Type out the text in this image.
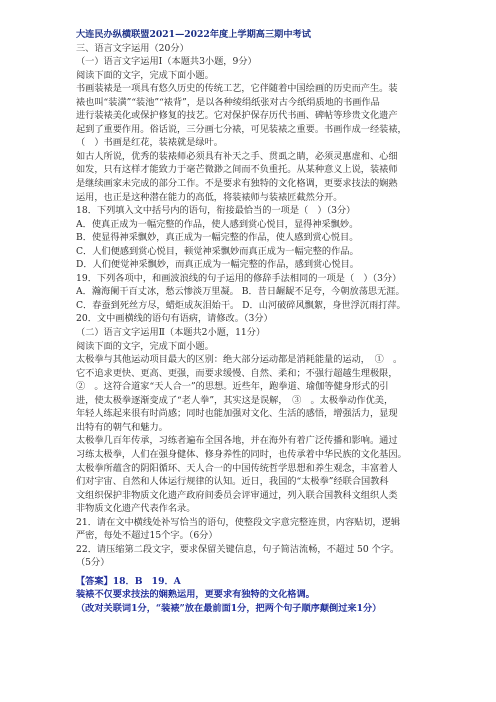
大连民办纵横联盟2021—2022年度上学期高三期中考试
三、语言文字运用（20分）
（一）语言文字运用Ⅰ（本题共3小题，9分）
阅读下面的文字，完成下面小题。
书画装裱是一项具有悠久历史的传统工艺，它伴随着中国绘画的历史而产生。装
裱也叫“装潢”“装池”“裱背”，是以各种绫绢纸张对古今纸绢质地的书画作品
进行装裱美化或保护修复的技艺。它对保护保存历代书画、碑帖等珍贵文化遗产
起到了重要作用。俗话说，三分画七分裱，可见装裱之重要。书画作成一经装裱，
（　）书画是红花，装裱就是绿叶。
如古人所说，优秀的装裱师必须具有补天之手、贯虱之睛，必须灵惠虚和、心细
如发，只有这样才能致力于毫芒微渺之间而不负重托。从某种意义上说，装裱师
是继续画家未完成的部分工作。不是要求有独特的文化格调，更要求技法的娴熟
运用，也正是这种潜在能力的高低，将装裱师与装裱匠截然分开。
18．下列填入文中括号内的语句，衔接最恰当的一项是（　）（3分）
A．使真正成为一幅完整的作品，使人感到赏心悦目，显得神采飘妙。
B．使显得神采飘妙，真正成为一幅完整的作品，使人感到赏心悦目。
C．人们便感到赏心悦目，顿觉神采飘妙而真正成为一幅完整的作品。
D．人们便觉神采飘妙，而真正成为一幅完整的作品，感到赏心悦目。
19．下列各项中，和画波浪线的句子运用的修辞手法相同的一项是（　）（3分）
A．瀚海阑干百丈冰，愁云惨淡万里凝。 B．昔日龌龊不足夸，今朝放荡思无涯。
C．春蚕到死丝方尽，蜡炬成灰泪始干。 D．山河破碎风飘絮，身世浮沉雨打萍。
20．文中画横线的语句有语病，请修改。（3分）
（二）语言文字运用Ⅱ（本题共2小题，11分）
阅读下面的文字，完成下面小题。
太极拳与其他运动项目最大的区别：绝大部分运动都是消耗能量的运动，　①　。
它不追求更快、更高、更强，而要求缓慢、自然、柔和；不强行超越生理极限，
②　。这符合道家“天人合一”的思想。近些年，跑拳道、瑜伽等健身形式的引
进，使太极拳逐渐变成了“老人拳”，其实这是误解，　③　。太极拳动作优美，
年轻人练起来很有时尚感；同时也能加强对文化、生活的感悟，增强活力，显现
出特有的朝气和魅力。
太极拳几百年传承，习练者遍布全国各地，并在海外有着广泛传播和影响。通过
习练太极拳，人们在强身健体、修身养性的同时，也传承着中华民族的文化基因。
太极拳所蕴含的阴阳循环、天人合一的中国传统哲学思想和养生观念，丰富着人
们对宇宙、自然和人体运行规律的认知。近日，我国的“太极拳”经联合国教科
文组织保护非物质文化遗产政府间委员会评审通过，列入联合国教科文组织人类
非物质文化遗产代表作名录。
21．请在文中横线处补写恰当的语句，使整段文字意完整连贯，内容贴切，逻辑
严密，每处不超过15个字。（6分）
22．请压缩第二段文字，要求保留关键信息，句子简洁流畅，不超过 50 个字。
（5分）
【答案】18．B　19．A
装裱不仅要求技法的娴熟运用，更要求有独特的文化格调。
（改对关联词1分，“装裱”放在最前面1分，把两个句子顺序颠倒过来1分）
